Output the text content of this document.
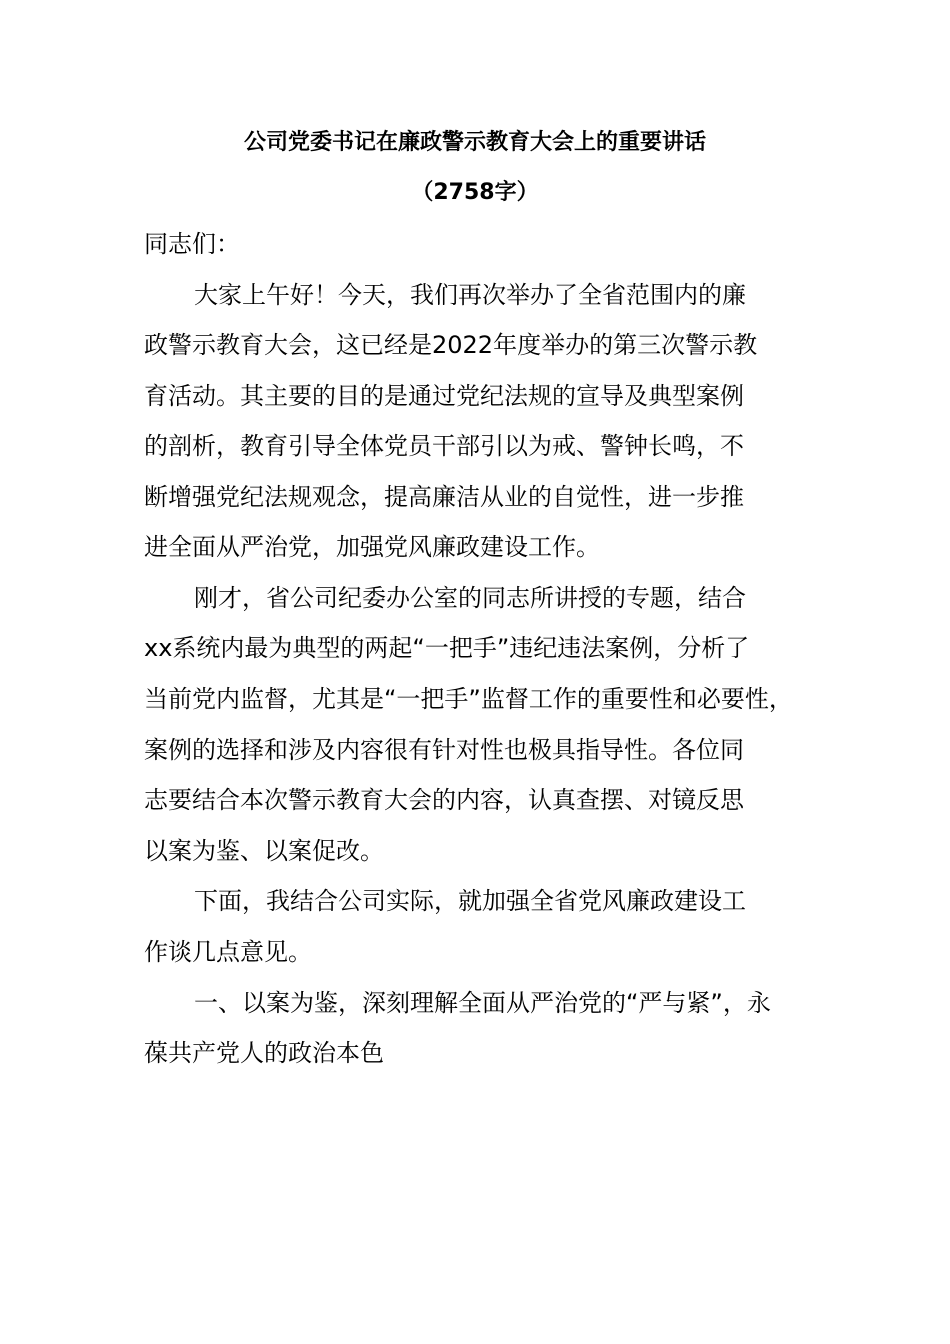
公司党委书记在廉政警示教育大会上的重要讲话
（2758字）

同志们：

大家上午好！今天，我们再次举办了全省范围内的廉

政警示教育大会，这已经是2022年度举办的第三次警示教

育活动。其主要的目的是通过党纪法规的宣导及典型案例

的剖析，教育引导全体党员干部引以为戒、警钟长鸣，不

断增强党纪法规观念，提高廉洁从业的自觉性，进一步推

进全面从严治党，加强党风廉政建设工作。

刚才，省公司纪委办公室的同志所讲授的专题，结合

xx系统内最为典型的两起“一把手”违纪违法案例，分析了

当前党内监督，尤其是“一把手”监督工作的重要性和必要性，

案例的选择和涉及内容很有针对性也极具指导性。各位同

志要结合本次警示教育大会的内容，认真查摆、对镜反思

以案为鉴、以案促改。

下面，我结合公司实际，就加强全省党风廉政建设工

作谈几点意见。

一、以案为鉴，深刻理解全面从严治党的“严与紧”，永

葆共产党人的政治本色
